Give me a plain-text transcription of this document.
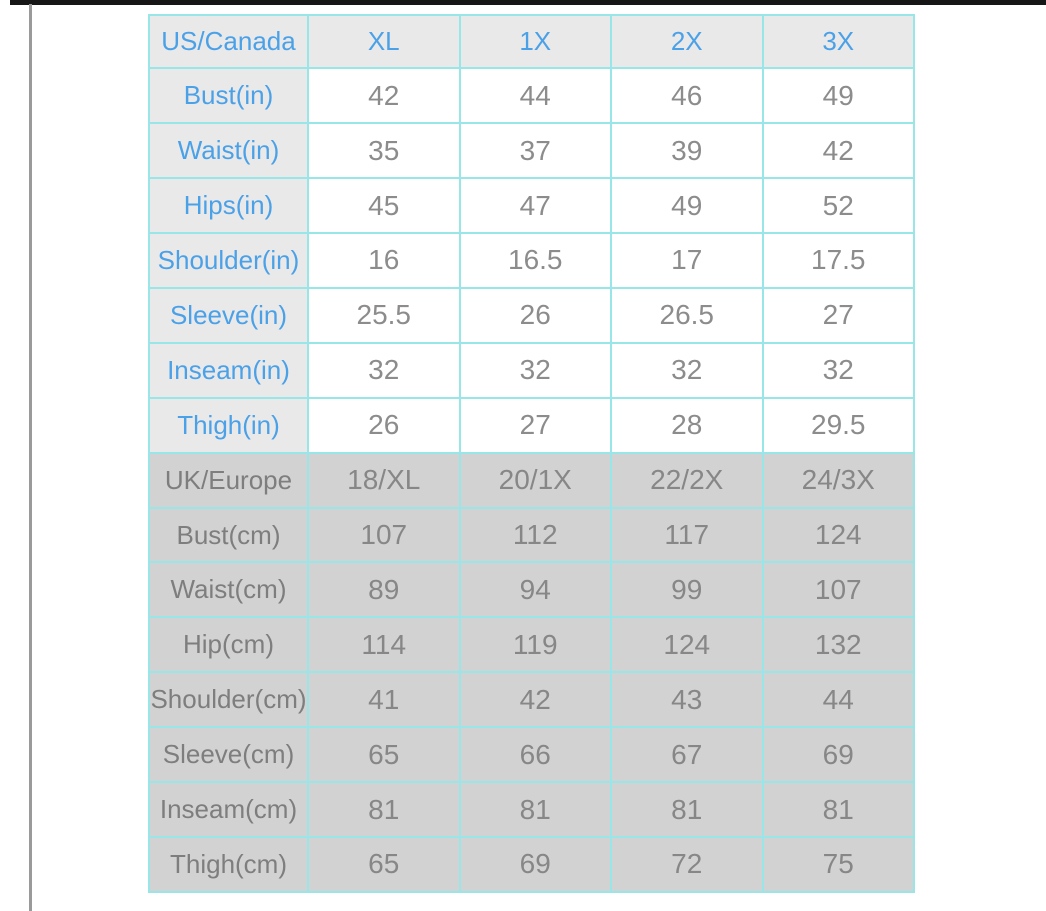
US/Canada	XL	1X	2X	3X
Bust(in)	42	44	46	49
Waist(in)	35	37	39	42
Hips(in)	45	47	49	52
Shoulder(in)	16	16.5	17	17.5
Sleeve(in)	25.5	26	26.5	27
Inseam(in)	32	32	32	32
Thigh(in)	26	27	28	29.5
UK/Europe	18/XL	20/1X	22/2X	24/3X
Bust(cm)	107	112	117	124
Waist(cm)	89	94	99	107
Hip(cm)	114	119	124	132
Shoulder(cm)	41	42	43	44
Sleeve(cm)	65	66	67	69
Inseam(cm)	81	81	81	81
Thigh(cm)	65	69	72	75
